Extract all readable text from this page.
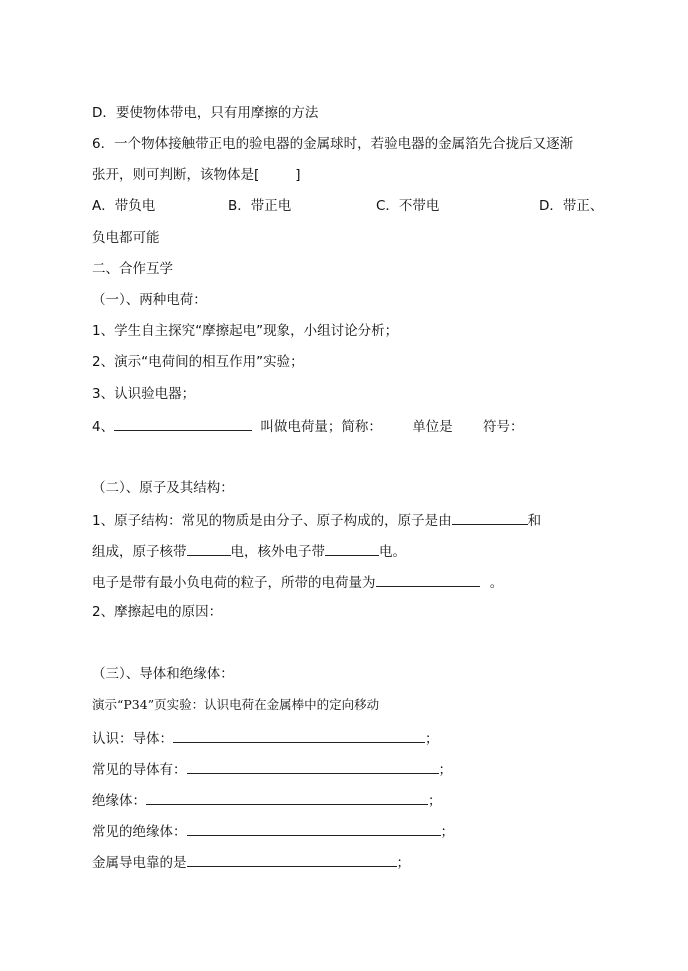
D．要使物体带电，只有用摩擦的方法
6．一个物体接触带正电的验电器的金属球时，若验电器的金属箔先合拢后又逐渐
张开，则可判断，该物体是[	]
A．带负电	B．带正电	C．不带电	D．带正、
负电都可能
二、合作互学
（一）、两种电荷：
1、学生自主探究“摩擦起电”现象，小组讨论分析；
2、演示“电荷间的相互作用”实验；
3、认识验电器；
4、	叫做电荷量；简称： 单位是 符号：
（二）、原子及其结构：
1、原子结构：常见的物质是由分子、原子构成的，原子是由	和
组成，原子核带	电，核外电子带	电。
电子是带有最小负电荷的粒子，所带的电荷量为	。
2、摩擦起电的原因：
（三）、导体和绝缘体：
演示“P34”页实验：认识电荷在金属棒中的定向移动
认识：导体：	；
常见的导体有：	；
绝缘体：	；
常见的绝缘体：	；
金属导电靠的是	；
